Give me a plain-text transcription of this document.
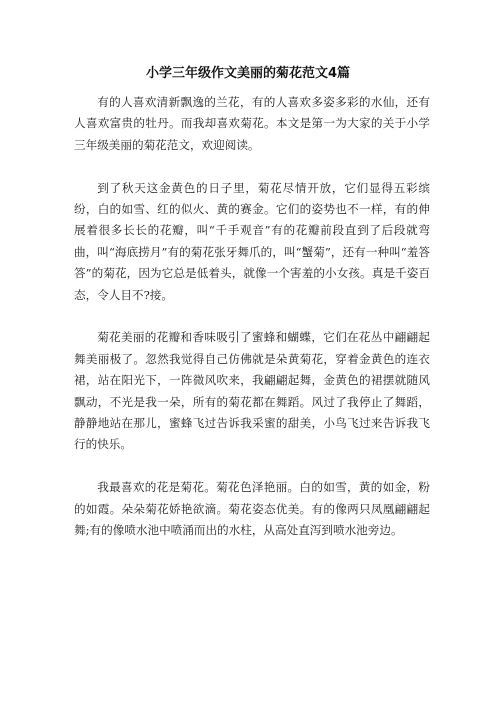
小学三年级作文美丽的菊花范文4篇

有的人喜欢清新飘逸的兰花，有的人喜欢多姿多彩的水仙，还有人喜欢富贵的牡丹。而我却喜欢菊花。本文是第一为大家的关于小学三年级美丽的菊花范文，欢迎阅读。

到了秋天这金黄色的日子里，菊花尽情开放，它们显得五彩缤纷，白的如雪、红的似火、黄的赛金。它们的姿势也不一样，有的伸展着很多长长的花瓣，叫“千手观音”有的花瓣前段直到了后段就弯曲，叫“海底捞月”有的菊花张牙舞爪的，叫“蟹菊”，还有一种叫“羞答答”的菊花，因为它总是低着头，就像一个害羞的小女孩。真是千姿百态，令人目不?接。

菊花美丽的花瓣和香味吸引了蜜蜂和蝴蝶，它们在花丛中翩翩起舞美丽极了。忽然我觉得自己仿佛就是朵黄菊花，穿着金黄色的连衣裙，站在阳光下，一阵微风吹来，我翩翩起舞，金黄色的裙摆就随风飘动，不光是我一朵，所有的菊花都在舞蹈。风过了我停止了舞蹈，静静地站在那儿，蜜蜂飞过告诉我采蜜的甜美，小鸟飞过来告诉我飞行的快乐。

我最喜欢的花是菊花。菊花色泽艳丽。白的如雪，黄的如金，粉的如霞。朵朵菊花娇艳欲滴。菊花姿态优美。有的像两只凤凰翩翩起舞;有的像喷水池中喷涌而出的水柱，从高处直泻到喷水池旁边。
